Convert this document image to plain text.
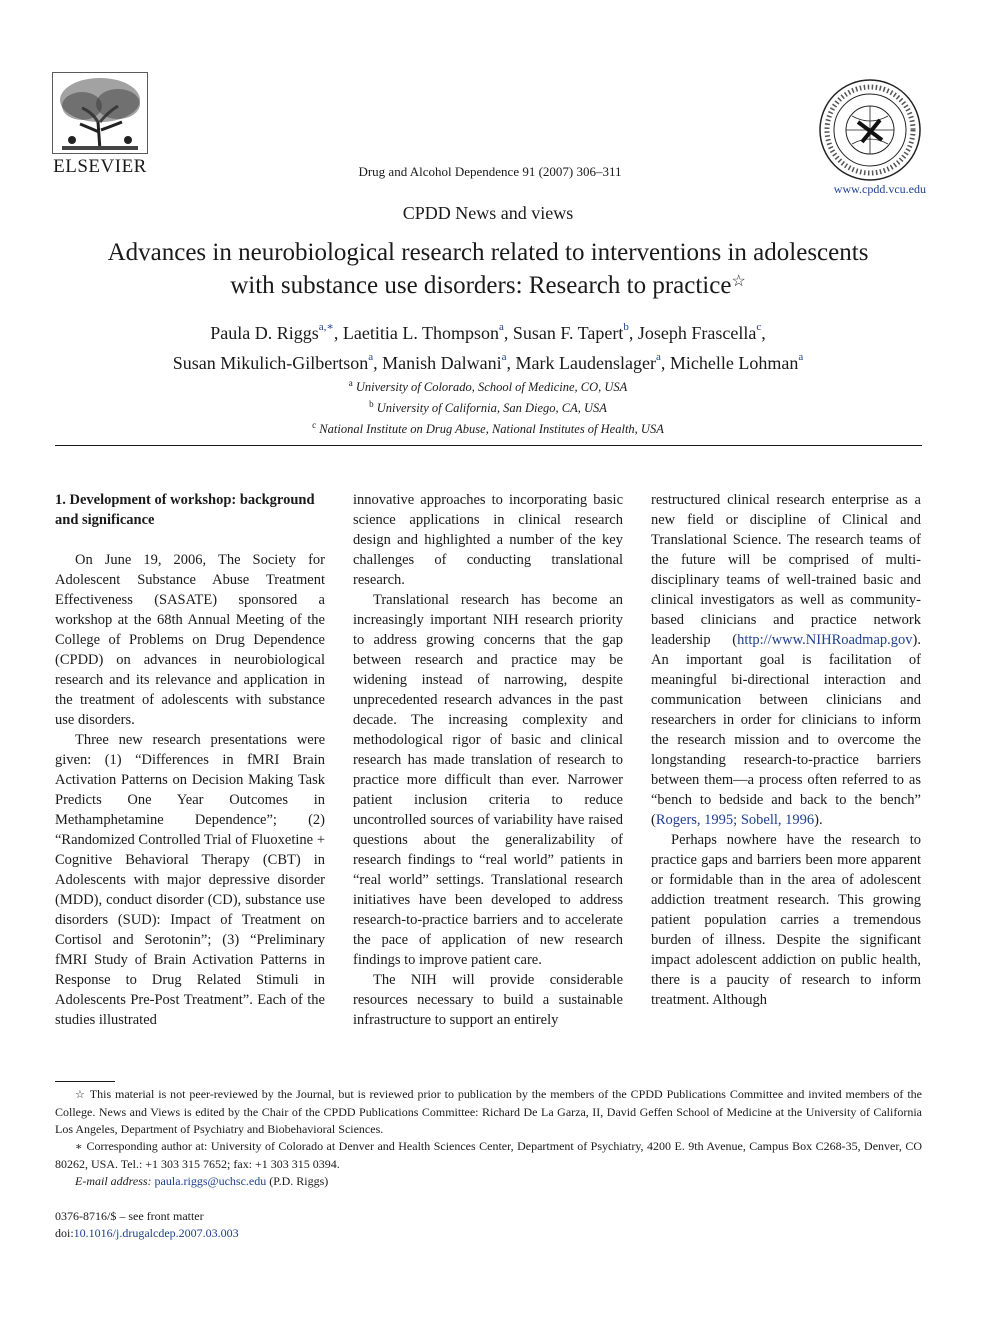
ELSEVIER	Drug and Alcohol Dependence 91 (2007) 306–311
www.cpdd.vcu.edu
CPDD News and views
Advances in neurobiological research related to interventions in adolescents with substance use disorders: Research to practice☆
Paula D. Riggs$^{a,∗}$, Laetitia L. Thompson$^a$, Susan F. Tapert$^b$, Joseph Frascella$^c$,
Susan Mikulich-Gilbertson$^a$, Manish Dalwani$^a$, Mark Laudenslager$^a$, Michelle Lohman$^a$
$^a$ University of Colorado, School of Medicine, CO, USA
$^b$ University of California, San Diego, CA, USA
$^c$ National Institute on Drug Abuse, National Institutes of Health, USA
1. Development of workshop: background and significance

On June 19, 2006, The Society for Adolescent Substance Abuse Treatment Effectiveness (SASATE) sponsored a workshop at the 68th Annual Meeting of the College of Problems on Drug Dependence (CPDD) on advances in neurobiological research and its relevance and application in the treatment of adolescents with substance use disorders.

Three new research presentations were given: (1) “Differences in fMRI Brain Activation Patterns on Decision Making Task Predicts One Year Outcomes in Methamphetamine Dependence”; (2) “Randomized Controlled Trial of Fluoxetine + Cognitive Behavioral Therapy (CBT) in Adolescents with major depressive disorder (MDD), conduct disorder (CD), substance use disorders (SUD): Impact of Treatment on Cortisol and Serotonin”; (3) “Preliminary fMRI Study of Brain Activation Patterns in Response to Drug Related Stimuli in Adolescents Pre-Post Treatment”. Each of the studies illustrated

innovative approaches to incorporating basic science applications in clinical research design and highlighted a number of the key challenges of conducting translational research.

Translational research has become an increasingly important NIH research priority to address growing concerns that the gap between research and practice may be widening instead of narrowing, despite unprecedented research advances in the past decade. The increasing complexity and methodological rigor of basic and clinical research has made translation of research to practice more difficult than ever. Narrower patient inclusion criteria to reduce uncontrolled sources of variability have raised questions about the generalizability of research findings to “real world” patients in “real world” settings. Translational research initiatives have been developed to address research-to-practice barriers and to accelerate the pace of application of new research findings to improve patient care.

The NIH will provide considerable resources necessary to build a sustainable infrastructure to support an entirely

restructured clinical research enterprise as a new field or discipline of Clinical and Translational Science. The research teams of the future will be comprised of multi-disciplinary teams of well-trained basic and clinical investigators as well as community-based clinicians and practice network leadership (http://www.NIHRoadmap.gov). An important goal is facilitation of meaningful bi-directional interaction and communication between clinicians and researchers in order for clinicians to inform the research mission and to overcome the longstanding research-to-practice barriers between them—a process often referred to as “bench to bedside and back to the bench” (Rogers, 1995; Sobell, 1996).

Perhaps nowhere have the research to practice gaps and barriers been more apparent or formidable than in the area of adolescent addiction treatment research. This growing patient population carries a tremendous burden of illness. Despite the significant impact adolescent addiction on public health, there is a paucity of research to inform treatment. Although

☆ This material is not peer-reviewed by the Journal, but is reviewed prior to publication by the members of the CPDD Publications Committee and invited members of the College. News and Views is edited by the Chair of the CPDD Publications Committee: Richard De La Garza, II, David Geffen School of Medicine at the University of California Los Angeles, Department of Psychiatry and Biobehavioral Sciences.

∗ Corresponding author at: University of Colorado at Denver and Health Sciences Center, Department of Psychiatry, 4200 E. 9th Avenue, Campus Box C268-35, Denver, CO 80262, USA. Tel.: +1 303 315 7652; fax: +1 303 315 0394.

E-mail address: paula.riggs@uchsc.edu (P.D. Riggs)

0376-8716/$ – see front matter
doi:10.1016/j.drugalcdep.2007.03.003
